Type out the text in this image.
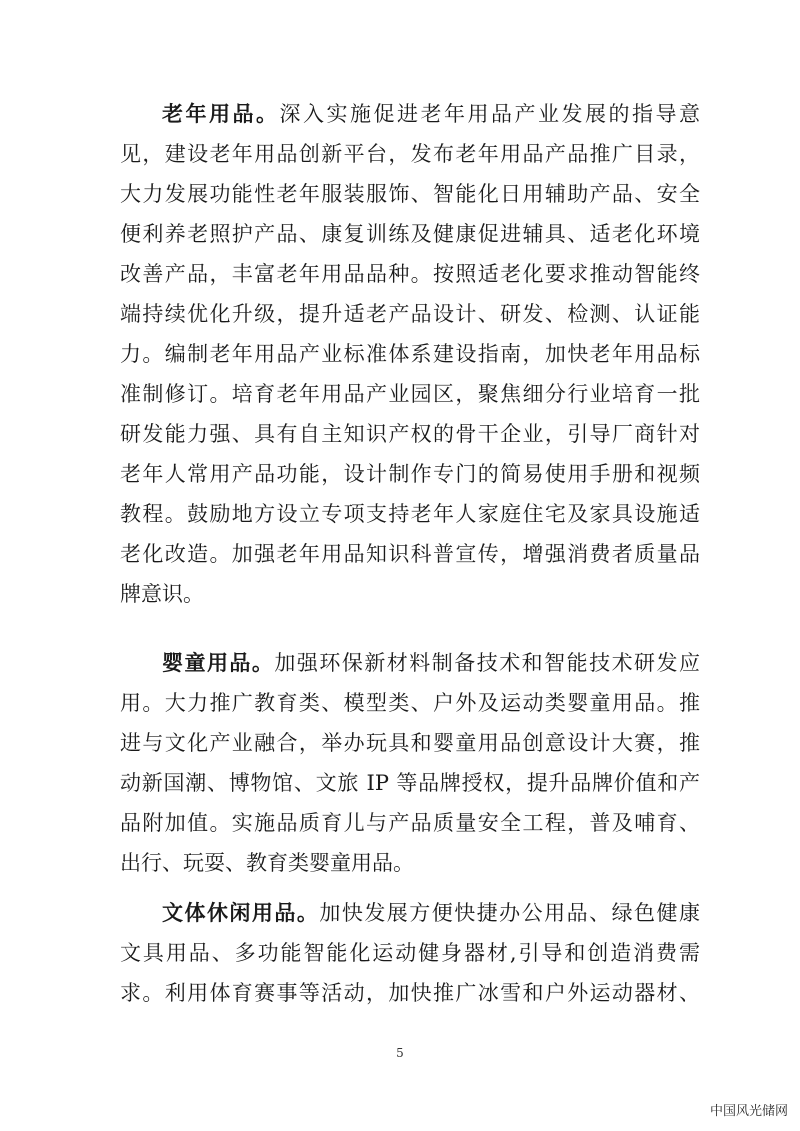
老年用品。深入实施促进老年用品产业发展的指导意
见，建设老年用品创新平台，发布老年用品产品推广目录，
大力发展功能性老年服装服饰、智能化日用辅助产品、安全
便利养老照护产品、康复训练及健康促进辅具、适老化环境
改善产品，丰富老年用品品种。按照适老化要求推动智能终
端持续优化升级，提升适老产品设计、研发、检测、认证能
力。编制老年用品产业标准体系建设指南，加快老年用品标
准制修订。培育老年用品产业园区，聚焦细分行业培育一批
研发能力强、具有自主知识产权的骨干企业，引导厂商针对
老年人常用产品功能，设计制作专门的简易使用手册和视频
教程。鼓励地方设立专项支持老年人家庭住宅及家具设施适
老化改造。加强老年用品知识科普宣传，增强消费者质量品
牌意识。
婴童用品。加强环保新材料制备技术和智能技术研发应
用。大力推广教育类、模型类、户外及运动类婴童用品。推
进与文化产业融合，举办玩具和婴童用品创意设计大赛，推
动新国潮、博物馆、文旅 IP 等品牌授权，提升品牌价值和产
品附加值。实施品质育儿与产品质量安全工程，普及哺育、
出行、玩耍、教育类婴童用品。
文体休闲用品。加快发展方便快捷办公用品、绿色健康
文具用品、多功能智能化运动健身器材,引导和创造消费需
求。利用体育赛事等活动，加快推广冰雪和户外运动器材、
5
中国风光储网
